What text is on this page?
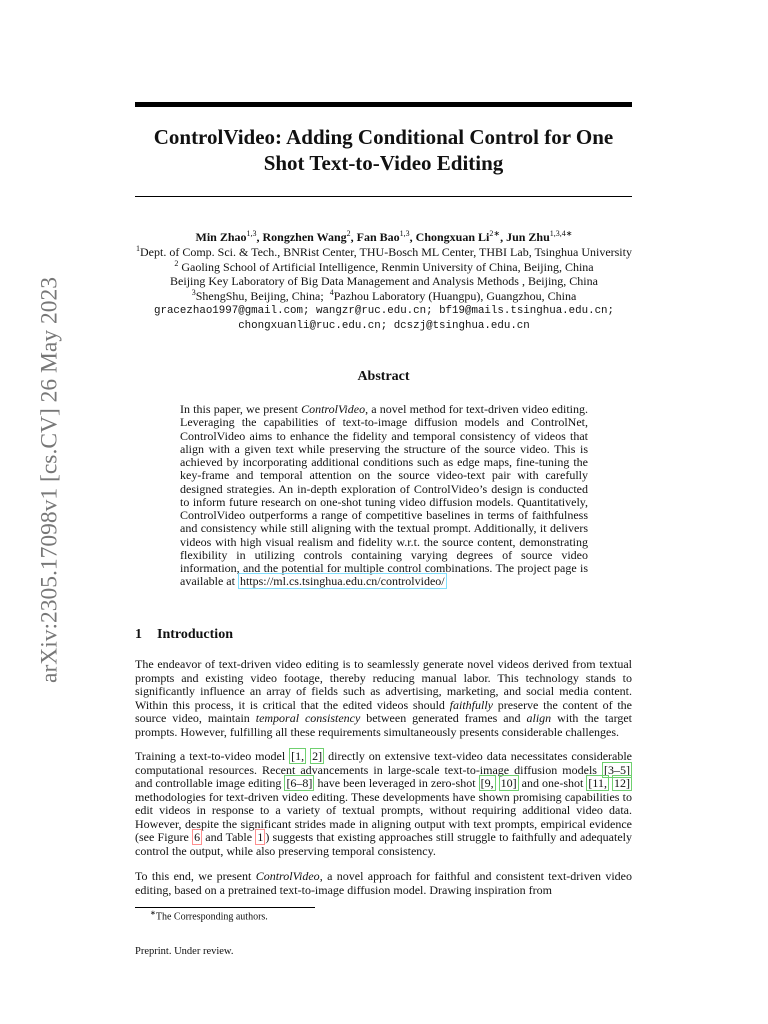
arXiv:2305.17098v1 [cs.CV] 26 May 2023
ControlVideo: Adding Conditional Control for One
Shot Text-to-Video Editing
Min Zhao$^{1,3}$, Rongzhen Wang$^2$, Fan Bao$^{1,3}$, Chongxuan $Li^{2∗}$, Jun Zhu$^{1,3,4∗}$
$^1$Dept. of Comp. Sci. & Tech., BNRist Center, THU-Bosch ML Center, THBI Lab, Tsinghua University
$^2$ Gaoling School of Artificial Intelligence, Renmin University of China, Beijing, China
Beijing Key Laboratory of Big Data Management and Analysis Methods , Beijing, China
$^3$ShengShu, Beijing, China; $^4$Pazhou Laboratory (Huangpu), Guangzhou, China
gracezhao1997@gmail.com; wangzr@ruc.edu.cn; bf19@mails.tsinghua.edu.cn;
chongxuanli@ruc.edu.cn; dcszj@tsinghua.edu.cn
Abstract

In this paper, we present ControlVideo, a novel method for text-driven video editing. Leveraging the capabilities of text-to-image diffusion models and ControlNet, ControlVideo aims to enhance the fidelity and temporal consistency of videos that align with a given text while preserving the structure of the source video. This is achieved by incorporating additional conditions such as edge maps, fine-tuning the key-frame and temporal attention on the source video-text pair with carefully designed strategies. An in-depth exploration of ControlVideo’s design is conducted to inform future research on one-shot tuning video diffusion models. Quantitatively, ControlVideo outperforms a range of competitive baselines in terms of faithfulness and consistency while still aligning with the textual prompt. Additionally, it delivers videos with high visual realism and fidelity w.r.t. the source content, demonstrating flexibility in utilizing controls containing varying degrees of source video information, and the potential for multiple control combinations. The project page is available at https://ml.cs.tsinghua.edu.cn/controlvideo/

1 Introduction

The endeavor of text-driven video editing is to seamlessly generate novel videos derived from textual prompts and existing video footage, thereby reducing manual labor. This technology stands to significantly influence an array of fields such as advertising, marketing, and social media content. Within this process, it is critical that the edited videos should faithfully preserve the content of the source video, maintain temporal consistency between generated frames and align with the target prompts. However, fulfilling all these requirements simultaneously presents considerable challenges.

Training a text-to-video model [1, 2] directly on extensive text-video data necessitates considerable computational resources. Recent advancements in large-scale text-to-image diffusion models [3–5] and controllable image editing [6–8] have been leveraged in zero-shot [9, 10] and one-shot [11, 12] methodologies for text-driven video editing. These developments have shown promising capabilities to edit videos in response to a variety of textual prompts, without requiring additional video data. However, despite the significant strides made in aligning output with text prompts, empirical evidence (see Figure 6 and Table 1 ) suggests that existing approaches still struggle to faithfully and adequately control the output, while also preserving temporal consistency.

To this end, we present ControlVideo, a novel approach for faithful and consistent text-driven video editing, based on a pretrained text-to-image diffusion model. Drawing inspiration from

∗The Corresponding authors.

Preprint. Under review.
